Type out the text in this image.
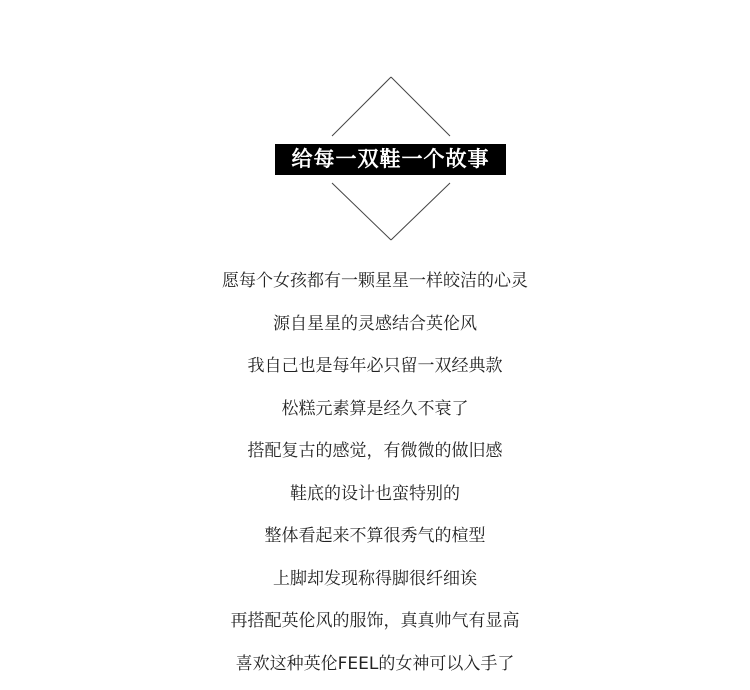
给每一双鞋一个故事
愿每个女孩都有一颗星星一样皎洁的心灵
源自星星的灵感结合英伦风
我自己也是每年必只留一双经典款
松糕元素算是经久不衰了
搭配复古的感觉，有微微的做旧感
鞋底的设计也蛮特别的
整体看起来不算很秀气的楦型
上脚却发现称得脚很纤细诶
再搭配英伦风的服饰，真真帅气有显高
喜欢这种英伦FEEL的女神可以入手了
